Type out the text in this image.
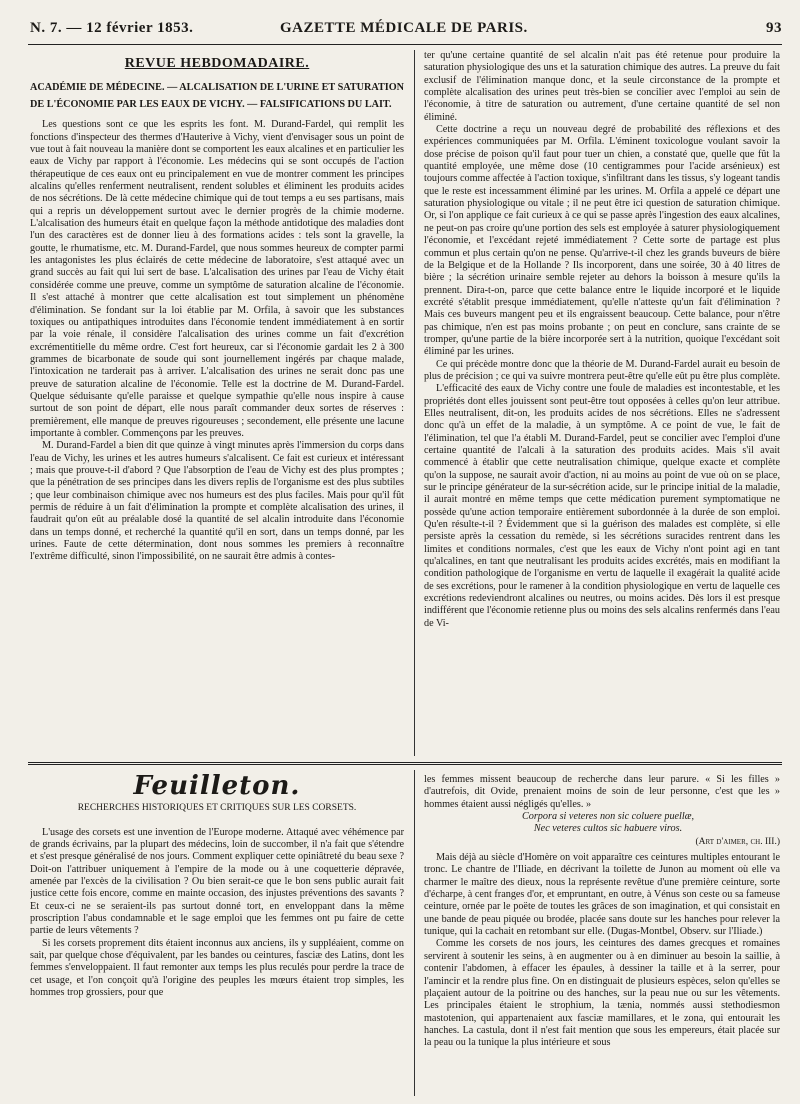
N. 7. — 12 février 1853.	GAZETTE MÉDICALE DE PARIS.	93
REVUE HEBDOMADAIRE.
ACADÉMIE DE MÉDECINE. — ALCALISATION DE L'URINE ET SATURATION DE L'ÉCONOMIE PAR LES EAUX DE VICHY. — FALSIFICATIONS DU LAIT.

Les questions sont ce que les esprits les font. M. Durand-Fardel, qui remplit les fonctions d'inspecteur des thermes d'Hauterive à Vichy, vient d'envisager sous un point de vue tout à fait nouveau la manière dont se comportent les eaux alcalines et en particulier les eaux de Vichy par rapport à l'économie. Les médecins qui se sont occupés de l'action thérapeutique de ces eaux ont eu principalement en vue de montrer comment les principes alcalins qu'elles renferment neutralisent, rendent solubles et éliminent les produits acides de nos sécrétions. De là cette médecine chimique qui de tout temps a eu ses partisans, mais qui a repris un développement surtout avec le dernier progrès de la chimie moderne. L'alcalisation des humeurs était en quelque façon la méthode antidotique des maladies dont l'un des caractères est de donner lieu à des formations acides : tels sont la gravelle, la goutte, le rhumatisme, etc. M. Durand-Fardel, que nous sommes heureux de compter parmi les antagonistes les plus éclairés de cette médecine de laboratoire, s'est attaqué avec un grand succès au fait qui lui sert de base. L'alcalisation des urines par l'eau de Vichy était considérée comme une preuve, comme un symptôme de saturation alcaline de l'économie. Il s'est attaché à montrer que cette alcalisation est tout simplement un phénomène d'élimination. Se fondant sur la loi établie par M. Orfila, à savoir que les substances toxiques ou antipathiques introduites dans l'économie tendent immédiatement à en sortir par la voie rénale, il considère l'alcalisation des urines comme un fait d'excrétion excrémentitielle du même ordre. C'est fort heureux, car si l'économie gardait les 2 à 300 grammes de bicarbonate de soude qui sont journellement ingérés par chaque malade, l'intoxication ne tarderait pas à arriver. L'alcalisation des urines ne serait donc pas une preuve de saturation alcaline de l'économie. Telle est la doctrine de M. Durand-Fardel. Quelque séduisante qu'elle paraisse et quelque sympathie qu'elle nous inspire à cause surtout de son point de départ, elle nous paraît commander deux sortes de réserves : premièrement, elle manque de preuves rigoureuses ; secondement, elle présente une lacune importante à combler. Commençons par les preuves.

M. Durand-Fardel a bien dit que quinze à vingt minutes après l'immersion du corps dans l'eau de Vichy, les urines et les autres humeurs s'alcalisent. Ce fait est curieux et intéressant ; mais que prouve-t-il d'abord ? Que l'absorption de l'eau de Vichy est des plus promptes ; que la pénétration de ses principes dans les divers replis de l'organisme est des plus subtiles ; que leur combinaison chimique avec nos humeurs est des plus faciles. Mais pour qu'il fût permis de réduire à un fait d'élimination la prompte et complète alcalisation des urines, il faudrait qu'on eût au préalable dosé la quantité de sel alcalin introduite dans l'économie dans un temps donné, et recherché la quantité qu'il en sort, dans un temps donné, par les urines. Faute de cette détermination, dont nous sommes les premiers à reconnaître l'extrême difficulté, sinon l'impossibilité, on ne saurait être admis à contes-

ter qu'une certaine quantité de sel alcalin n'ait pas été retenue pour produire la saturation physiologique des uns et la saturation chimique des autres. La preuve du fait exclusif de l'élimination manque donc, et la seule circonstance de la prompte et complète alcalisation des urines peut très-bien se concilier avec l'emploi au sein de l'économie, à titre de saturation ou autrement, d'une certaine quantité de sel non éliminé.

Cette doctrine a reçu un nouveau degré de probabilité des réflexions et des expériences communiquées par M. Orfila. L'éminent toxicologue voulant savoir la dose précise de poison qu'il faut pour tuer un chien, a constaté que, quelle que fût la quantité employée, une même dose (10 centigrammes pour l'acide arsénieux) est toujours comme affectée à l'action toxique, s'infiltrant dans les tissus, s'y logeant tandis que le reste est incessamment éliminé par les urines. M. Orfila a appelé ce départ une saturation physiologique ou vitale ; il ne peut être ici question de saturation chimique. Or, si l'on applique ce fait curieux à ce qui se passe après l'ingestion des eaux alcalines, ne peut-on pas croire qu'une portion des sels est employée à saturer physiologiquement l'économie, et l'excédant rejeté immédiatement ? Cette sorte de partage est plus commun et plus certain qu'on ne pense. Qu'arrive-t-il chez les grands buveurs de bière de la Belgique et de la Hollande ? Ils incorporent, dans une soirée, 30 à 40 litres de bière ; la sécrétion urinaire semble rejeter au dehors la boisson à mesure qu'ils la prennent. Dira-t-on, parce que cette balance entre le liquide incorporé et le liquide excrété s'établit presque immédiatement, qu'elle n'atteste qu'un fait d'élimination ? Mais ces buveurs mangent peu et ils engraissent beaucoup. Cette balance, pour n'être pas chimique, n'en est pas moins probante ; on peut en conclure, sans crainte de se tromper, qu'une partie de la bière incorporée sert à la nutrition, quoique l'excédant soit éliminé par les urines.

Ce qui précède montre donc que la théorie de M. Durand-Fardel aurait eu besoin de plus de précision ; ce qui va suivre montrera peut-être qu'elle eût pu être plus complète.

L'efficacité des eaux de Vichy contre une foule de maladies est incontestable, et les propriétés dont elles jouissent sont peut-être tout opposées à celles qu'on leur attribue. Elles neutralisent, dit-on, les produits acides de nos sécrétions. Elles ne s'adressent donc qu'à un effet de la maladie, à un symptôme. A ce point de vue, le fait de l'élimination, tel que l'a établi M. Durand-Fardel, peut se concilier avec l'emploi d'une certaine quantité de l'alcali à la saturation des produits acides. Mais s'il avait commencé à établir que cette neutralisation chimique, quelque exacte et complète qu'on la suppose, ne saurait avoir d'action, ni au moins au point de vue où on se place, sur le principe générateur de la sur-sécrétion acide, sur le principe initial de la maladie, il aurait montré en même temps que cette médication purement symptomatique ne possède qu'une action temporaire entièrement subordonnée à la durée de son emploi. Qu'en résulte-t-il ? Évidemment que si la guérison des malades est complète, si elle persiste après la cessation du remède, si les sécrétions suracides rentrent dans les limites et conditions normales, c'est que les eaux de Vichy n'ont point agi en tant qu'alcalines, en tant que neutralisant les produits acides excrétés, mais en modifiant la condition pathologique de l'organisme en vertu de laquelle il exagérait la qualité acide de ses excrétions, pour le ramener à la condition physiologique en vertu de laquelle ces excrétions redeviendront alcalines ou neutres, ou moins acides. Dès lors il est presque indifférent que l'économie retienne plus ou moins des sels alcalins renfermés dans l'eau de Vi-

Feuilleton.
RECHERCHES HISTORIQUES ET CRITIQUES SUR LES CORSETS.

L'usage des corsets est une invention de l'Europe moderne. Attaqué avec véhémence par de grands écrivains, par la plupart des médecins, loin de succomber, il n'a fait que s'étendre et s'est presque généralisé de nos jours. Comment expliquer cette opiniâtreté du beau sexe ? Doit-on l'attribuer uniquement à l'empire de la mode ou à une coquetterie dépravée, amenée par l'excès de la civilisation ? Ou bien serait-ce que le bon sens public aurait fait justice cette fois encore, comme en mainte occasion, des injustes préventions des savants ? Et ceux-ci ne se seraient-ils pas surtout donné tort, en enveloppant dans la même proscription l'abus condamnable et le sage emploi que les femmes ont pu faire de cette partie de leurs vêtements ?

Si les corsets proprement dits étaient inconnus aux anciens, ils y suppléaient, comme on sait, par quelque chose d'équivalent, par les bandes ou ceintures, fasciæ des Latins, dont les femmes s'enveloppaient. Il faut remonter aux temps les plus reculés pour perdre la trace de cet usage, et l'on conçoit qu'à l'origine des peuples les mœurs étaient trop simples, les hommes trop grossiers, pour que

les femmes missent beaucoup de recherche dans leur parure. « Si les filles » d'autrefois, dit Ovide, prenaient moins de soin de leur personne, c'est que les » hommes étaient aussi négligés qu'elles. »

Corpora si veteres non sic coluere puellæ,

Nec veteres cultos sic habuere viros.

(Art d'aimer, ch. III.)

Mais déjà au siècle d'Homère on voit apparaître ces ceintures multiples entourant le tronc. Le chantre de l'Iliade, en décrivant la toilette de Junon au moment où elle va charmer le maître des dieux, nous la représente revêtue d'une première ceinture, sorte d'écharpe, à cent franges d'or, et empruntant, en outre, à Vénus son ceste ou sa fameuse ceinture, ornée par le poëte de toutes les grâces de son imagination, et qui consistait en une bande de peau piquée ou brodée, placée sans doute sur les hanches pour relever la tunique, qui la cachait en retombant sur elle. (Dugas-Montbel, Observ. sur l'Iliade.)

Comme les corsets de nos jours, les ceintures des dames grecques et romaines servirent à soutenir les seins, à en augmenter ou à en diminuer au besoin la saillie, à contenir l'abdomen, à effacer les épaules, à dessiner la taille et à la serrer, pour l'amincir et la rendre plus fine. On en distinguait de plusieurs espèces, selon qu'elles se plaçaient autour de la poitrine ou des hanches, sur la peau nue ou sur les vêtements. Les principales étaient le strophium, la tænia, nommés aussi stethodiesmon mastotenion, qui appartenaient aux fasciæ mamillares, et le zona, qui entourait les hanches. La castula, dont il n'est fait mention que sous les empereurs, était placée sur la peau ou la tunique la plus intérieure et sous
